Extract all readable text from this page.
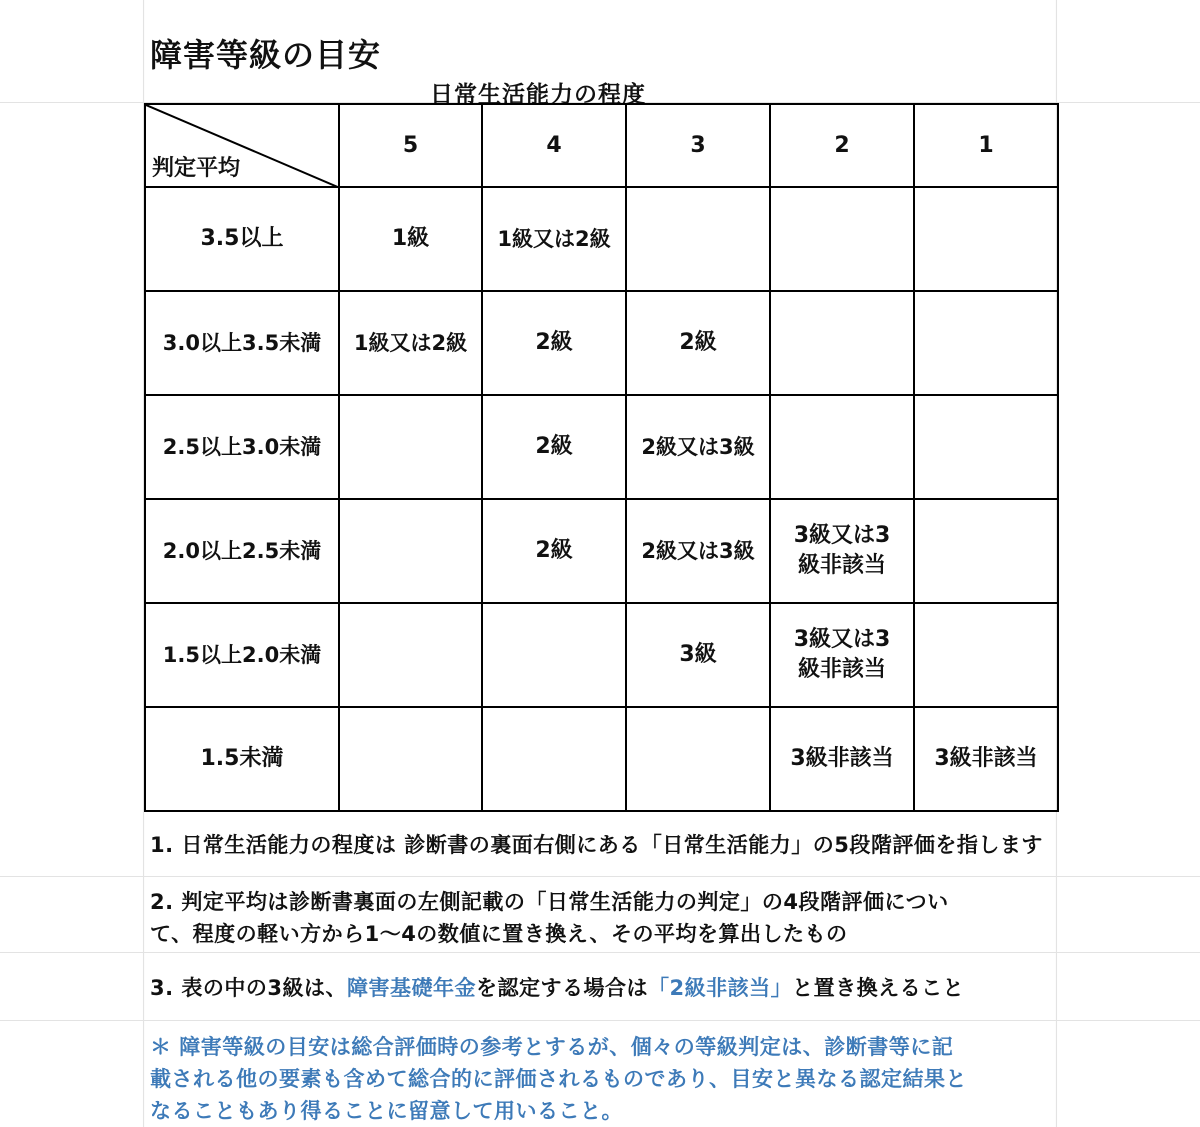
障害等級の目安
日常生活能力の程度
判定平均	5	4	3	2	1
3.5以上	1級	1級又は2級			
3.0以上3.5未満	1級又は2級	2級	2級		
2.5以上3.0未満		2級	2級又は3級		
2.0以上2.5未満		2級	2級又は3級	3級又は3級非該当	
1.5以上2.0未満			3級	3級又は3級非該当	
1.5未満				3級非該当	3級非該当
1. 日常生活能力の程度は 診断書の裏面右側にある「日常生活能力」の5段階評価を指します
2. 判定平均は診断書裏面の左側記載の「日常生活能力の判定」の4段階評価につい
て、程度の軽い方から1～4の数値に置き換え、その平均を算出したもの
3. 表の中の3級は、障害基礎年金を認定する場合は「2級非該当」と置き換えること
＊ 障害等級の目安は総合評価時の参考とするが、個々の等級判定は、診断書等に記
載される他の要素も含めて総合的に評価されるものであり、目安と異なる認定結果と
なることもあり得ることに留意して用いること。
